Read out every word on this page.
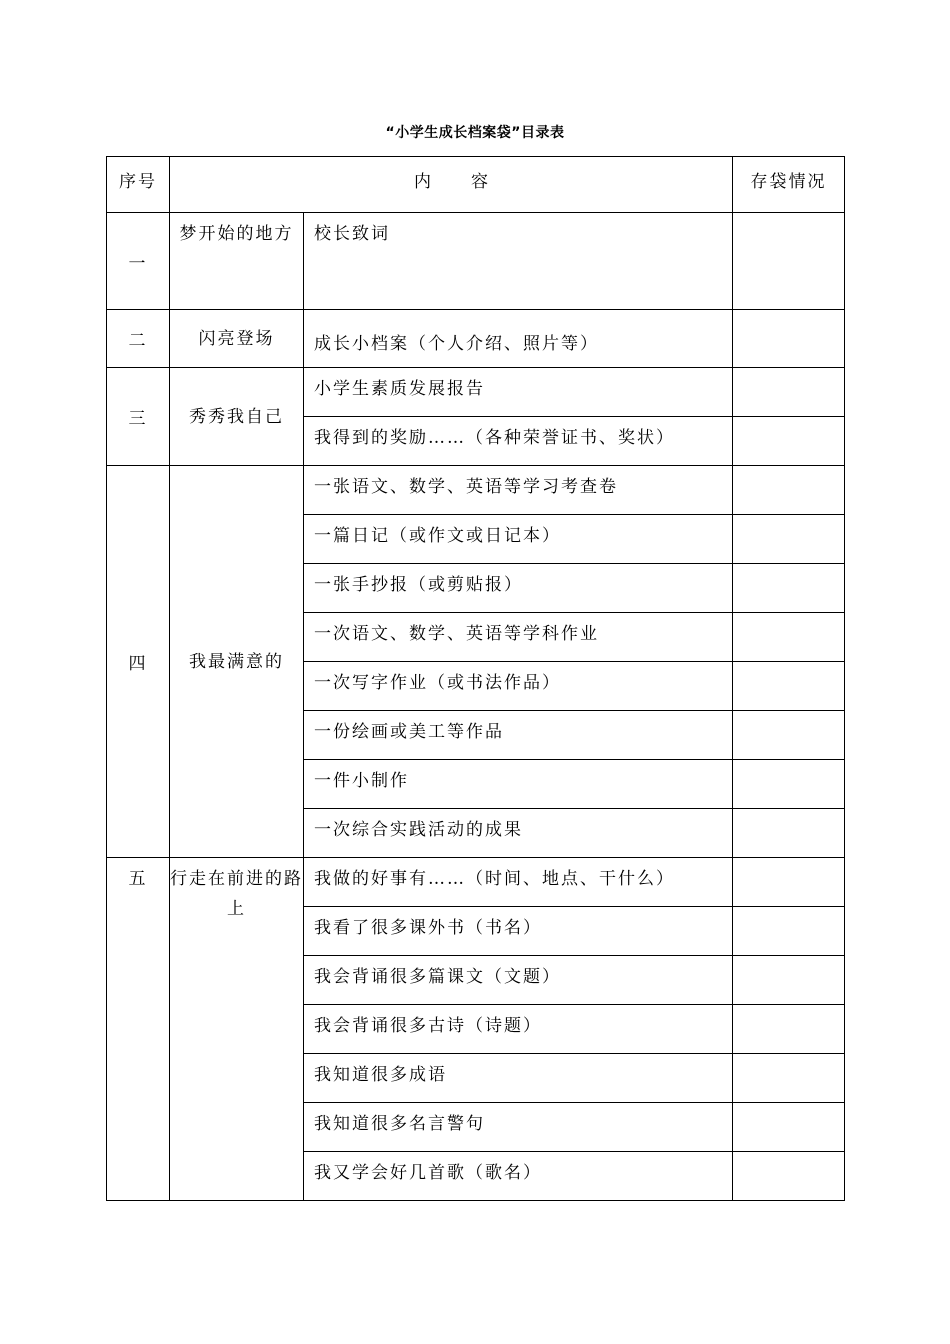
“小学生成长档案袋”目录表
序号	内容		存袋情况
一	梦开始的地方	校长致词	
二	闪亮登场	成长小档案（个人介绍、照片等）	
三	秀秀我自己	小学生素质发展报告	
		我得到的奖励……（各种荣誉证书、奖状）	
四	我最满意的	一张语文、数学、英语等学习考查卷	
		一篇日记（或作文或日记本）	
		一张手抄报（或剪贴报）	
		一次语文、数学、英语等学科作业	
		一次写字作业（或书法作品）	
		一份绘画或美工等作品	
		一件小制作	
		一次综合实践活动的成果	
五	行走在前进的路上	我做的好事有……（时间、地点、干什么）	
		我看了很多课外书（书名）	
		我会背诵很多篇课文（文题）	
		我会背诵很多古诗（诗题）	
		我知道很多成语	
		我知道很多名言警句	
		我又学会好几首歌（歌名）	
